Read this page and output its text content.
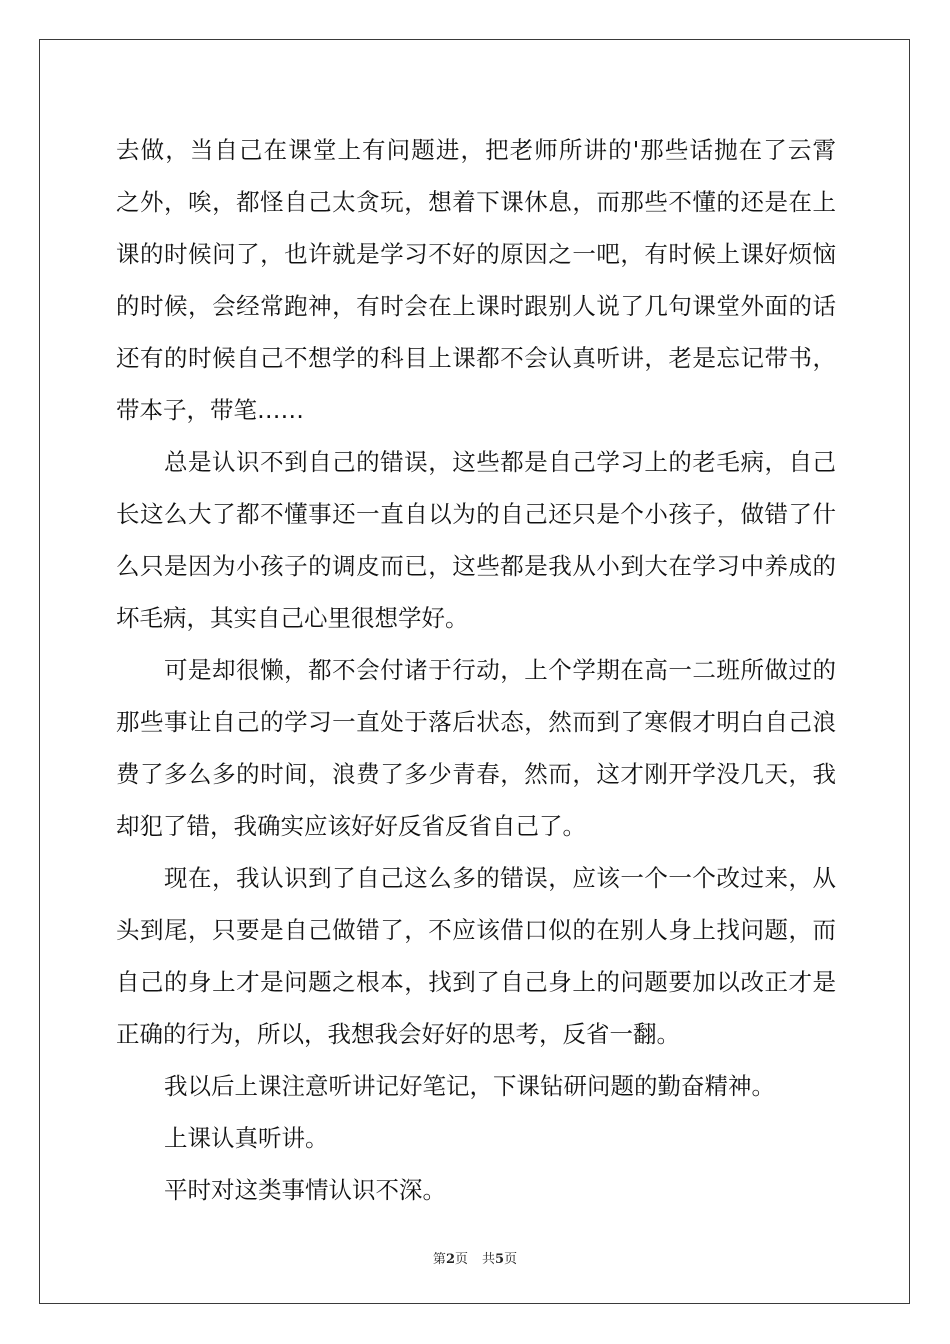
去做，当自己在课堂上有问题进，把老师所讲的'那些话抛在了云霄
之外，唉，都怪自己太贪玩，想着下课休息，而那些不懂的还是在上
课的时候问了，也许就是学习不好的原因之一吧，有时候上课好烦恼
的时候，会经常跑神，有时会在上课时跟别人说了几句课堂外面的话
还有的时候自己不想学的科目上课都不会认真听讲，老是忘记带书，
带本子，带笔……
总是认识不到自己的错误，这些都是自己学习上的老毛病，自己
长这么大了都不懂事还一直自以为的自己还只是个小孩子，做错了什
么只是因为小孩子的调皮而已，这些都是我从小到大在学习中养成的
坏毛病，其实自己心里很想学好。
可是却很懒，都不会付诸于行动，上个学期在高一二班所做过的
那些事让自己的学习一直处于落后状态，然而到了寒假才明白自己浪
费了多么多的时间，浪费了多少青春，然而，这才刚开学没几天，我
却犯了错，我确实应该好好反省反省自己了。
现在，我认识到了自己这么多的错误，应该一个一个改过来，从
头到尾，只要是自己做错了，不应该借口似的在别人身上找问题，而
自己的身上才是问题之根本，找到了自己身上的问题要加以改正才是
正确的行为，所以，我想我会好好的思考，反省一翻。
我以后上课注意听讲记好笔记，下课钻研问题的勤奋精神。
上课认真听讲。
平时对这类事情认识不深。
第2页 共5页
